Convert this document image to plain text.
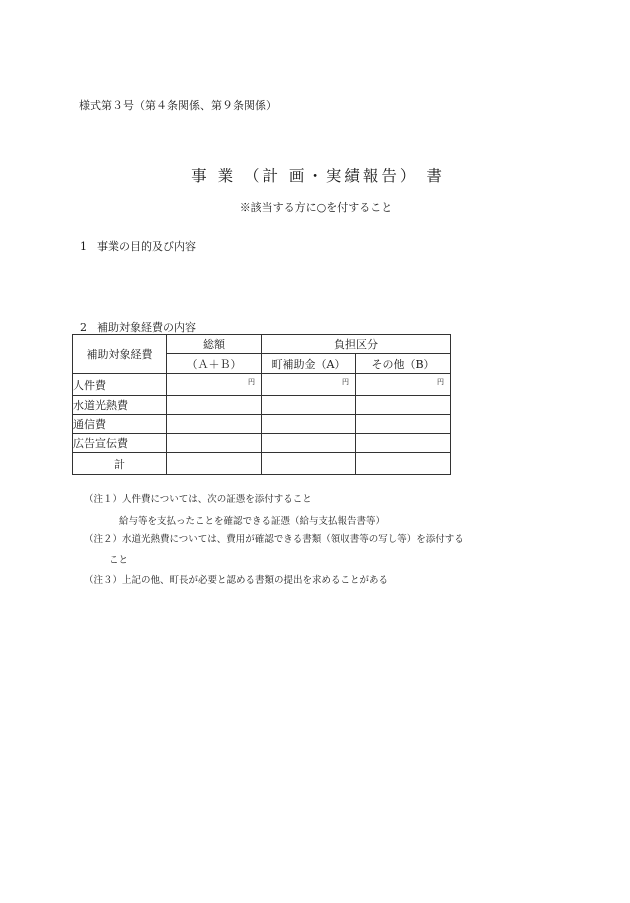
様式第３号（第４条関係、第９条関係）
事 業 （計 画・実績報告） 書
※該当する方に○を付すること
1 事業の目的及び内容
2 補助対象経費の内容
補助対象経費	総額	負担区分	
	（Ａ＋Ｂ）	町補助金（A）	その他（B）
人件費	円	円	円

水道光熱費			
通信費			
広告宣伝費			
計			
（注１）人件費については、次の証憑を添付すること
給与等を支払ったことを確認できる証憑（給与支払報告書等）
（注２）水道光熱費については、費用が確認できる書類（領収書等の写し等）を添付する
こと
（注３）上記の他、町長が必要と認める書類の提出を求めることがある
